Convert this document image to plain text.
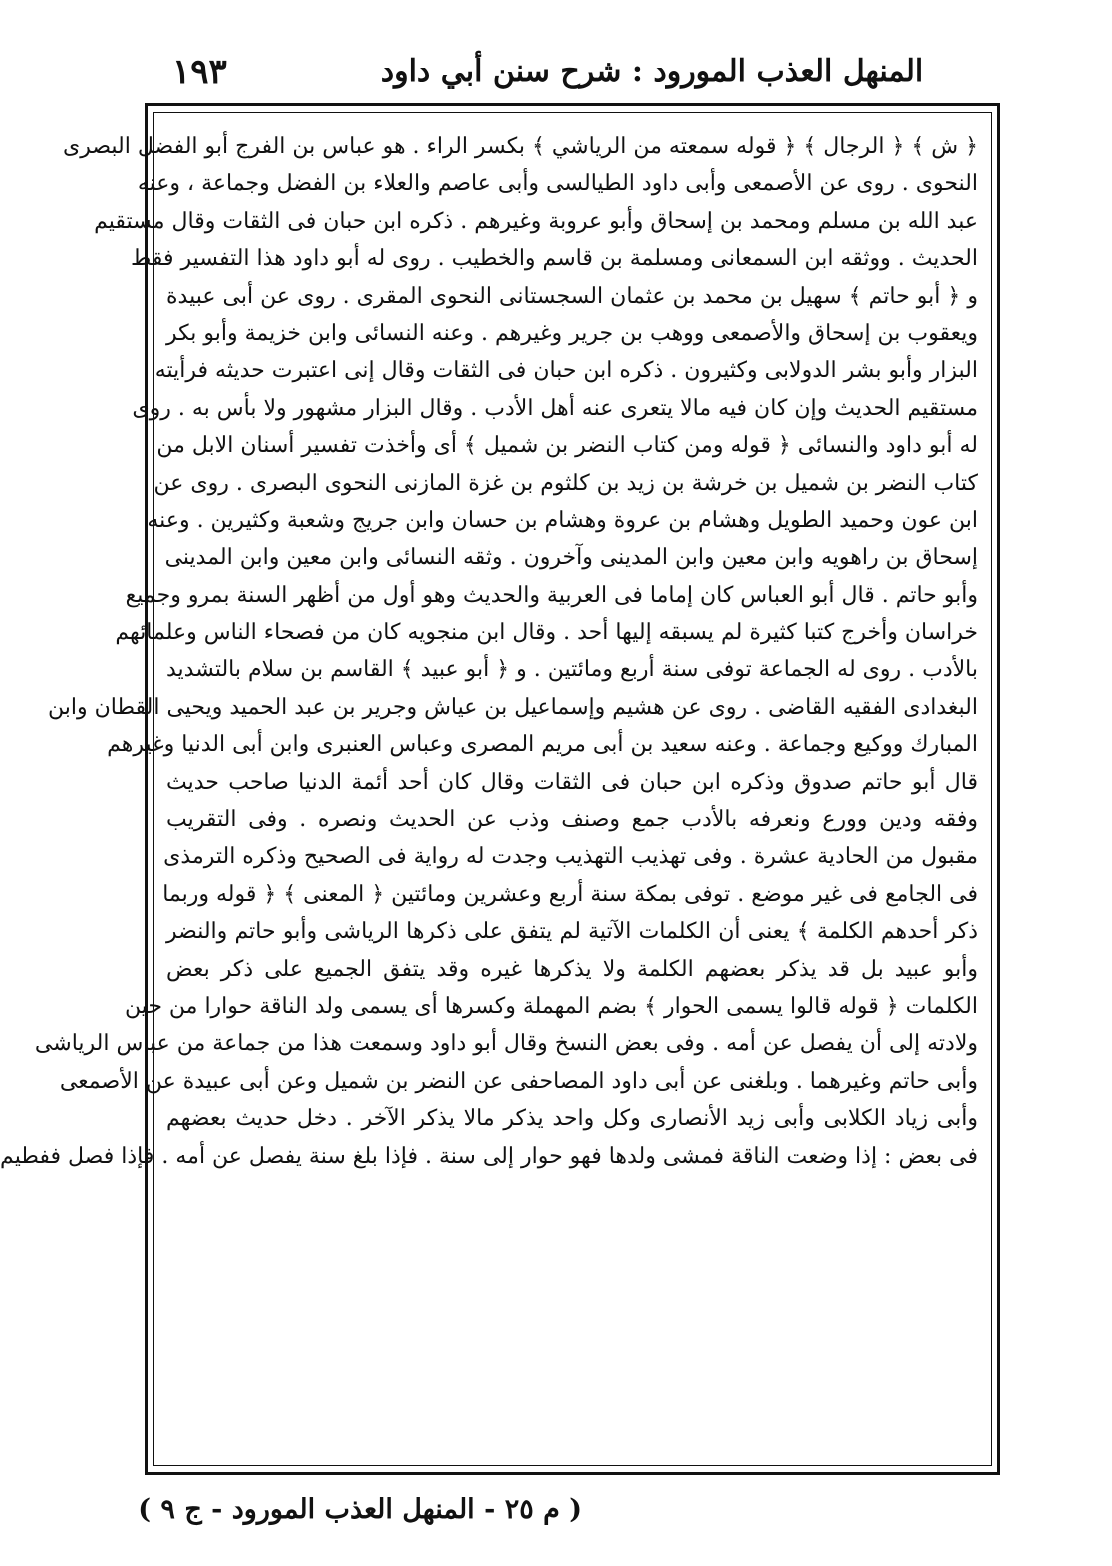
المنهل العذب المورود : شرح سنن أبي داود
١٩٣
﴿ ش ﴾ ﴿ الرجال ﴾ ﴿ قوله سمعته من الرياشي ﴾ بكسر الراء . هو عباس بن الفرج أبو الفضل البصرى
النحوى . روى عن الأصمعى وأبى داود الطيالسى وأبى عاصم والعلاء بن الفضل وجماعة ، وعنه
عبد الله بن مسلم ومحمد بن إسحاق وأبو عروبة وغيرهم . ذكره ابن حبان فى الثقات وقال مستقيم
الحديث . ووثقه ابن السمعانى ومسلمة بن قاسم والخطيب . روى له أبو داود هذا التفسير فقط
و ﴿ أبو حاتم ﴾ سهيل بن محمد بن عثمان السجستانى النحوى المقرى . روى عن أبى عبيدة
ويعقوب بن إسحاق والأصمعى ووهب بن جرير وغيرهم . وعنه النسائى وابن خزيمة وأبو بكر
البزار وأبو بشر الدولابى وكثيرون . ذكره ابن حبان فى الثقات وقال إنى اعتبرت حديثه فرأيته
مستقيم الحديث وإن كان فيه مالا يتعرى عنه أهل الأدب . وقال البزار مشهور ولا بأس به . روى
له أبو داود والنسائى ﴿ قوله ومن كتاب النضر بن شميل ﴾ أى وأخذت تفسير أسنان الابل من
كتاب النضر بن شميل بن خرشة بن زيد بن كلثوم بن غزة المازنى النحوى البصرى . روى عن
ابن عون وحميد الطويل وهشام بن عروة وهشام بن حسان وابن جريج وشعبة وكثيرين . وعنه
إسحاق بن راهويه وابن معين وابن المدينى وآخرون . وثقه النسائى وابن معين وابن المدينى
وأبو حاتم . قال أبو العباس كان إماما فى العربية والحديث وهو أول من أظهر السنة بمرو وجميع
خراسان وأخرج كتبا كثيرة لم يسبقه إليها أحد . وقال ابن منجويه كان من فصحاء الناس وعلمائهم
بالأدب . روى له الجماعة توفى سنة أربع ومائتين . و ﴿ أبو عبيد ﴾ القاسم بن سلام بالتشديد
البغدادى الفقيه القاضى . روى عن هشيم وإسماعيل بن عياش وجرير بن عبد الحميد ويحيى القطان وابن
المبارك ووكيع وجماعة . وعنه سعيد بن أبى مريم المصرى وعباس العنبرى وابن أبى الدنيا وغيرهم
قال أبو حاتم صدوق وذكره ابن حبان فى الثقات وقال كان أحد أئمة الدنيا صاحب حديث
وفقه ودين وورع ونعرفه بالأدب جمع وصنف وذب عن الحديث ونصره . وفى التقريب
مقبول من الحادية عشرة . وفى تهذيب التهذيب وجدت له رواية فى الصحيح وذكره الترمذى
فى الجامع فى غير موضع . توفى بمكة سنة أربع وعشرين ومائتين ﴿ المعنى ﴾ ﴿ قوله وربما
ذكر أحدهم الكلمة ﴾ يعنى أن الكلمات الآتية لم يتفق على ذكرها الرياشى وأبو حاتم والنضر
وأبو عبيد بل قد يذكر بعضهم الكلمة ولا يذكرها غيره وقد يتفق الجميع على ذكر بعض
الكلمات ﴿ قوله قالوا يسمى الحوار ﴾ بضم المهملة وكسرها أى يسمى ولد الناقة حوارا من حين
ولادته إلى أن يفصل عن أمه . وفى بعض النسخ وقال أبو داود وسمعت هذا من جماعة من عباس الرياشى
وأبى حاتم وغيرهما . وبلغنى عن أبى داود المصاحفى عن النضر بن شميل وعن أبى عبيدة عن الأصمعى
وأبى زياد الكلابى وأبى زيد الأنصارى وكل واحد يذكر مالا يذكر الآخر . دخل حديث بعضهم
فى بعض : إذا وضعت الناقة فمشى ولدها فهو حوار إلى سنة . فإذا بلغ سنة يفصل عن أمه . فإذا فصل ففطيم
( م ٢٥ - المنهل العذب المورود - ج ٩ )
